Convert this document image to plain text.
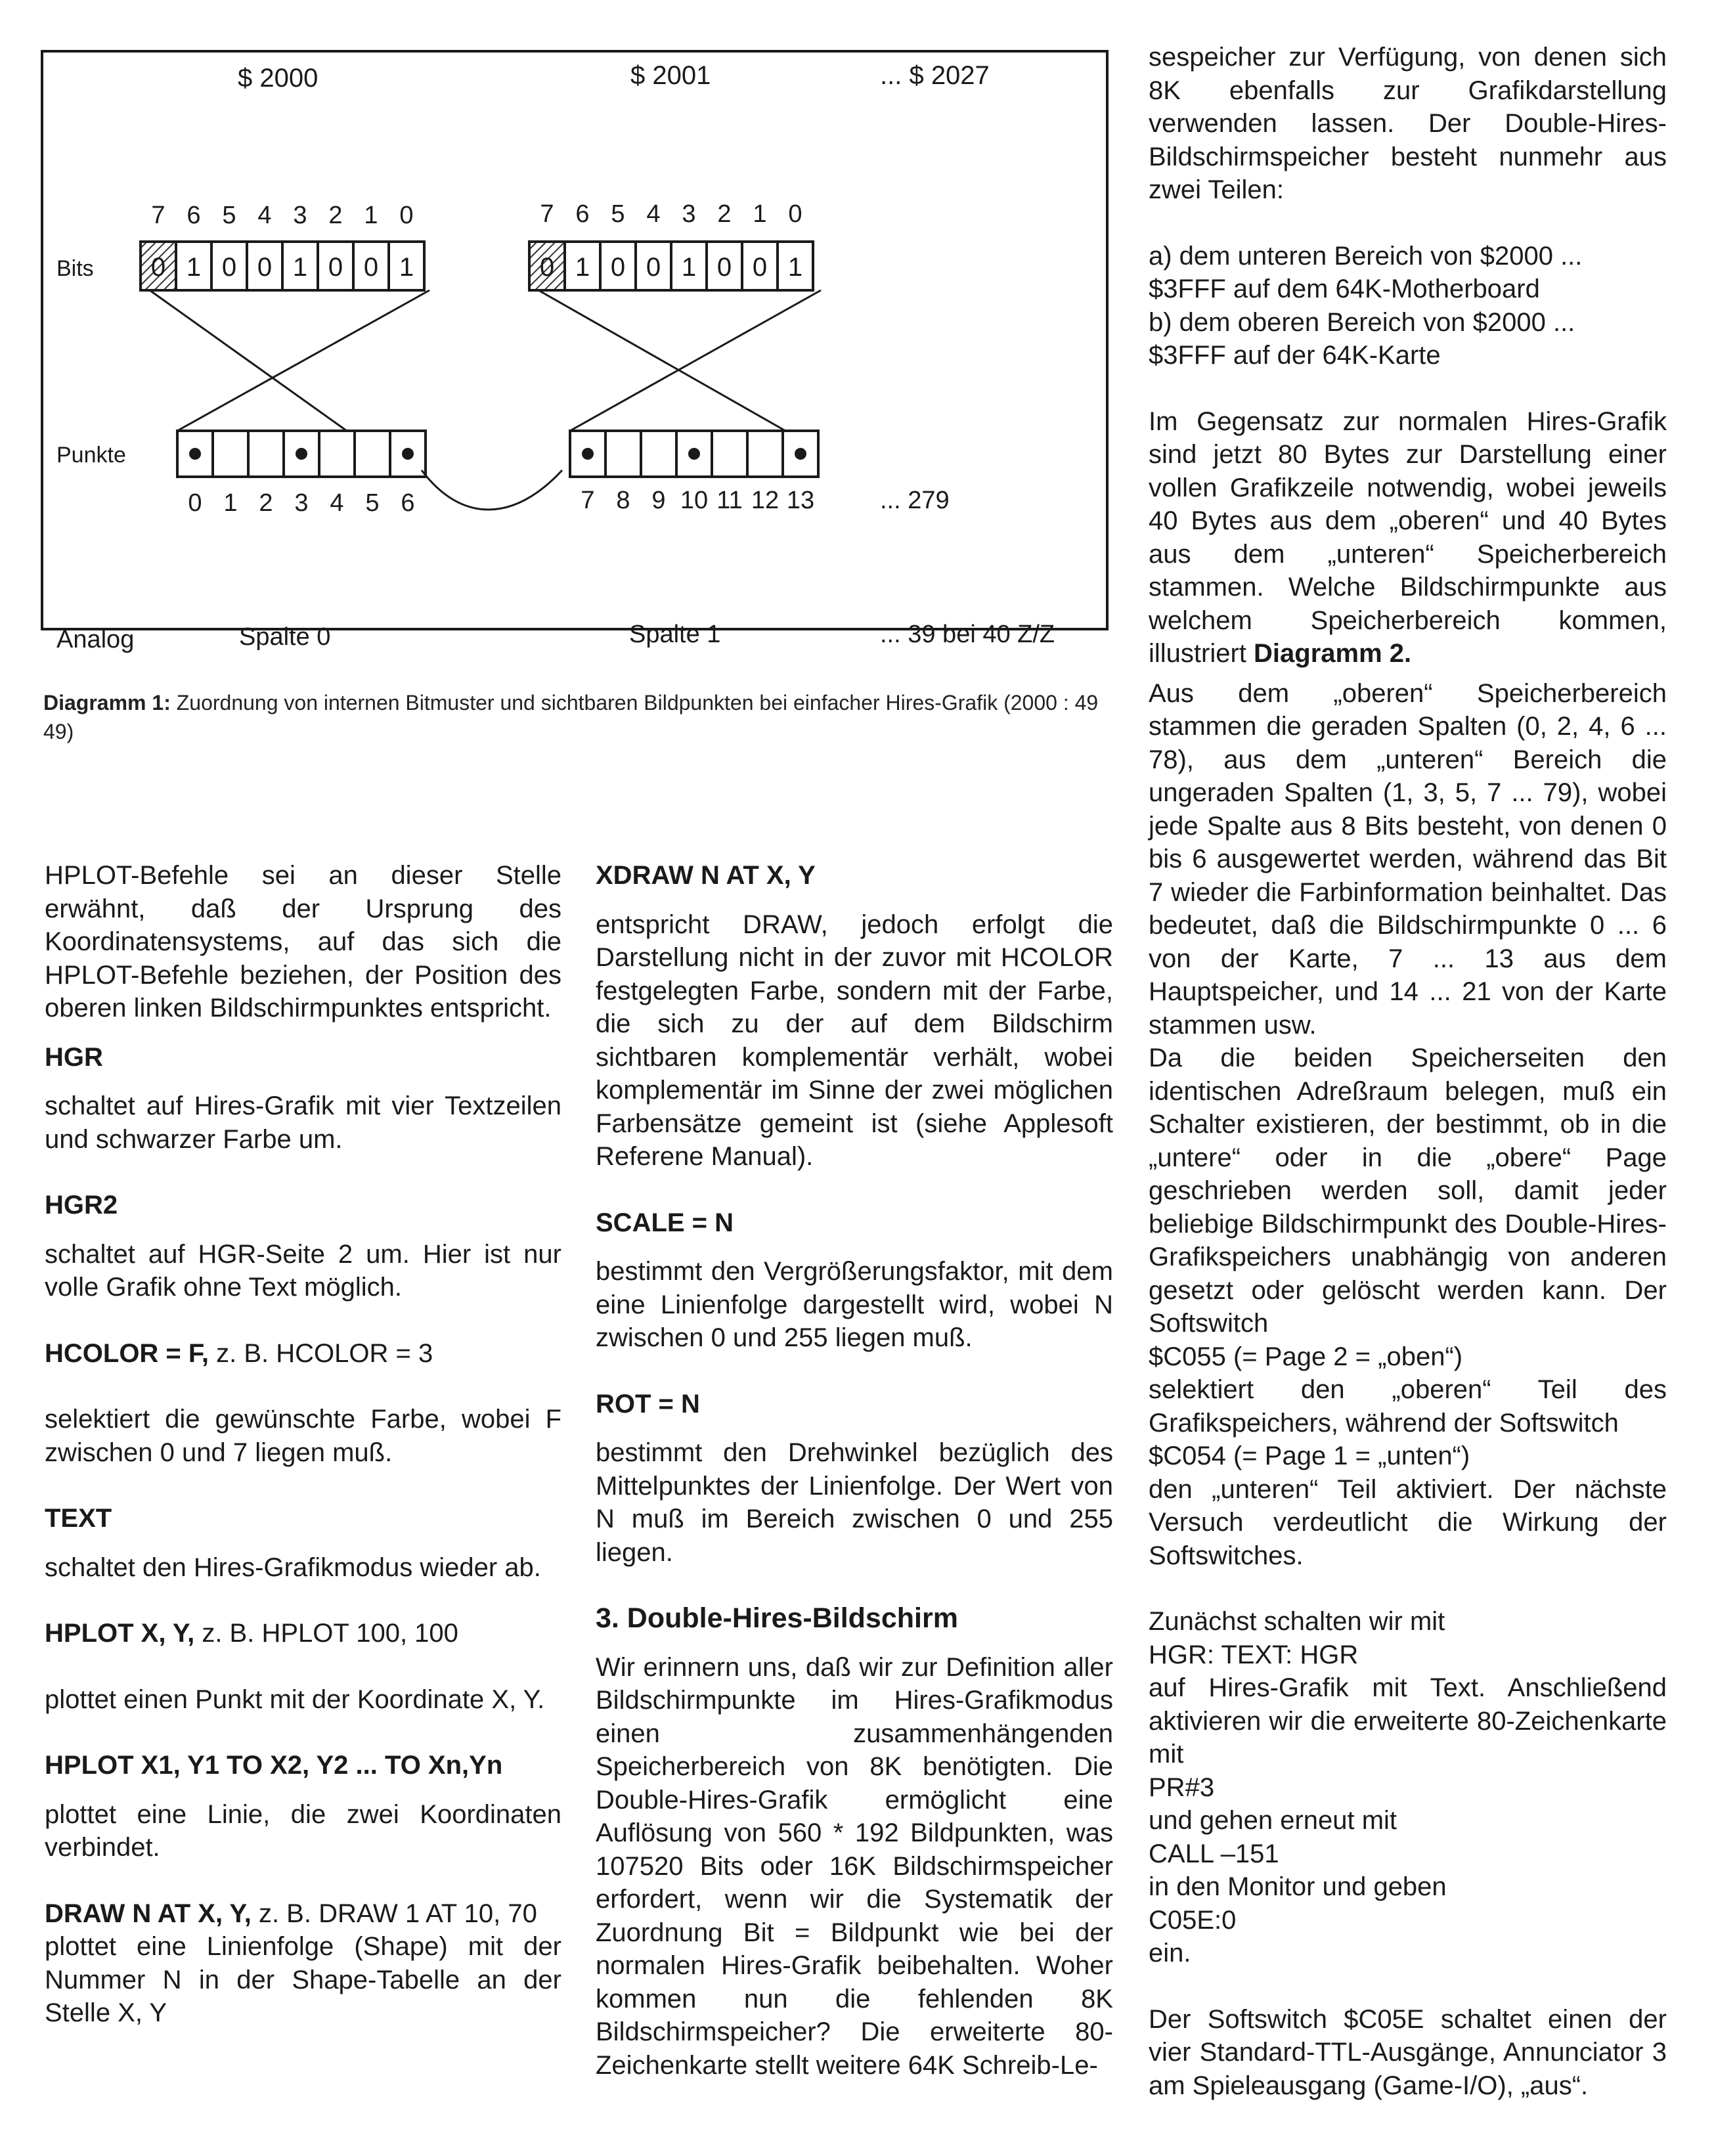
$ 2000	$ 2001	... $ 2027
Bits
Punkte
7 6 5 4 3 2 1 0	7 6 5 4 3 2 1 0
0 1 0 0 1 0 0 1	0 1 0 0 1 0 0 1
0 1 2 3 4 5 6	7 8 9 10 11 12 13	... 279
Analog	Spalte 0	Spalte 1	... 39 bei 40 Z/Z
Diagramm 1: Zuordnung von internen Bitmuster und sichtbaren Bildpunkten bei einfacher Hires-Grafik (2000 : 49 49)

HPLOT-Befehle sei an dieser Stelle erwähnt, daß der Ursprung des Koordinatensystems, auf das sich die HPLOT-Befehle beziehen, der Position des oberen linken Bildschirmpunktes entspricht.

HGR

schaltet auf Hires-Grafik mit vier Textzeilen und schwarzer Farbe um.

HGR2

schaltet auf HGR-Seite 2 um. Hier ist nur volle Grafik ohne Text möglich.

HCOLOR = F, z. B. HCOLOR = 3

selektiert die gewünschte Farbe, wobei F zwischen 0 und 7 liegen muß.

TEXT

schaltet den Hires-Grafikmodus wieder ab.

HPLOT X, Y, z. B. HPLOT 100, 100

plottet einen Punkt mit der Koordinate X, Y.

HPLOT X1, Y1 TO X2, Y2 ... TO Xn,Yn

plottet eine Linie, die zwei Koordinaten verbindet.

DRAW N AT X, Y, z. B. DRAW 1 AT 10, 70

plottet eine Linienfolge (Shape) mit der Nummer N in der Shape-Tabelle an der Stelle X, Y

XDRAW N AT X, Y

entspricht DRAW, jedoch erfolgt die Darstellung nicht in der zuvor mit HCOLOR festgelegten Farbe, sondern mit der Farbe, die sich zu der auf dem Bildschirm sichtbaren komplementär verhält, wobei komplementär im Sinne der zwei möglichen Farbensätze gemeint ist (siehe Applesoft Referene Manual).

SCALE = N

bestimmt den Vergrößerungsfaktor, mit dem eine Linienfolge dargestellt wird, wobei N zwischen 0 und 255 liegen muß.

ROT = N

bestimmt den Drehwinkel bezüglich des Mittelpunktes der Linienfolge. Der Wert von N muß im Bereich zwischen 0 und 255 liegen.

3. Double-Hires-Bildschirm

Wir erinnern uns, daß wir zur Definition aller Bildschirmpunkte im Hires-Grafikmodus einen zusammenhängenden Speicherbereich von 8K benötigten. Die Double-Hires-Grafik ermöglicht eine Auflösung von 560 * 192 Bildpunkten, was 107520 Bits oder 16K Bildschirmspeicher erfordert, wenn wir die Systematik der Zuordnung Bit = Bildpunkt wie bei der normalen Hires-Grafik beibehalten. Woher kommen nun die fehlenden 8K Bildschirmspeicher? Die erweiterte 80-Zeichenkarte stellt weitere 64K Schreib-Le-

sespeicher zur Verfügung, von denen sich 8K ebenfalls zur Grafikdarstellung verwenden lassen. Der Double-Hires-Bildschirmspeicher besteht nunmehr aus zwei Teilen:

a) dem unteren Bereich von $2000 ...

$3FFF auf dem 64K-Motherboard

b) dem oberen Bereich von $2000 ...

$3FFF auf der 64K-Karte

Im Gegensatz zur normalen Hires-Grafik sind jetzt 80 Bytes zur Darstellung einer vollen Grafikzeile notwendig, wobei jeweils 40 Bytes aus dem „oberen“ und 40 Bytes aus dem „unteren“ Speicherbereich stammen. Welche Bildschirmpunkte aus welchem Speicherbereich kommen, illustriert Diagramm 2.

Aus dem „oberen“ Speicherbereich stammen die geraden Spalten (0, 2, 4, 6 ... 78), aus dem „unteren“ Bereich die ungeraden Spalten (1, 3, 5, 7 ... 79), wobei jede Spalte aus 8 Bits besteht, von denen 0 bis 6 ausgewertet werden, während das Bit 7 wieder die Farbinformation beinhaltet. Das bedeutet, daß die Bildschirmpunkte 0 ... 6 von der Karte, 7 ... 13 aus dem Hauptspeicher, und 14 ... 21 von der Karte stammen usw.

Da die beiden Speicherseiten den identischen Adreßraum belegen, muß ein Schalter existieren, der bestimmt, ob in die „untere“ oder in die „obere“ Page geschrieben werden soll, damit jeder beliebige Bildschirmpunkt des Double-Hires-Grafikspeichers unabhängig von anderen gesetzt oder gelöscht werden kann. Der Softswitch

$C055 (= Page 2 = „oben“)

selektiert den „oberen“ Teil des Grafikspeichers, während der Softswitch

$C054 (= Page 1 = „unten“)

den „unteren“ Teil aktiviert. Der nächste Versuch verdeutlicht die Wirkung der Softswitches.

Zunächst schalten wir mit

HGR: TEXT: HGR

auf Hires-Grafik mit Text. Anschließend aktivieren wir die erweiterte 80-Zeichenkarte mit

PR#3

und gehen erneut mit

CALL –151

in den Monitor und geben

C05E:0

ein.

Der Softswitch $C05E schaltet einen der vier Standard-TTL-Ausgänge, Annunciator 3 am Spieleausgang (Game-I/O), „aus“.
